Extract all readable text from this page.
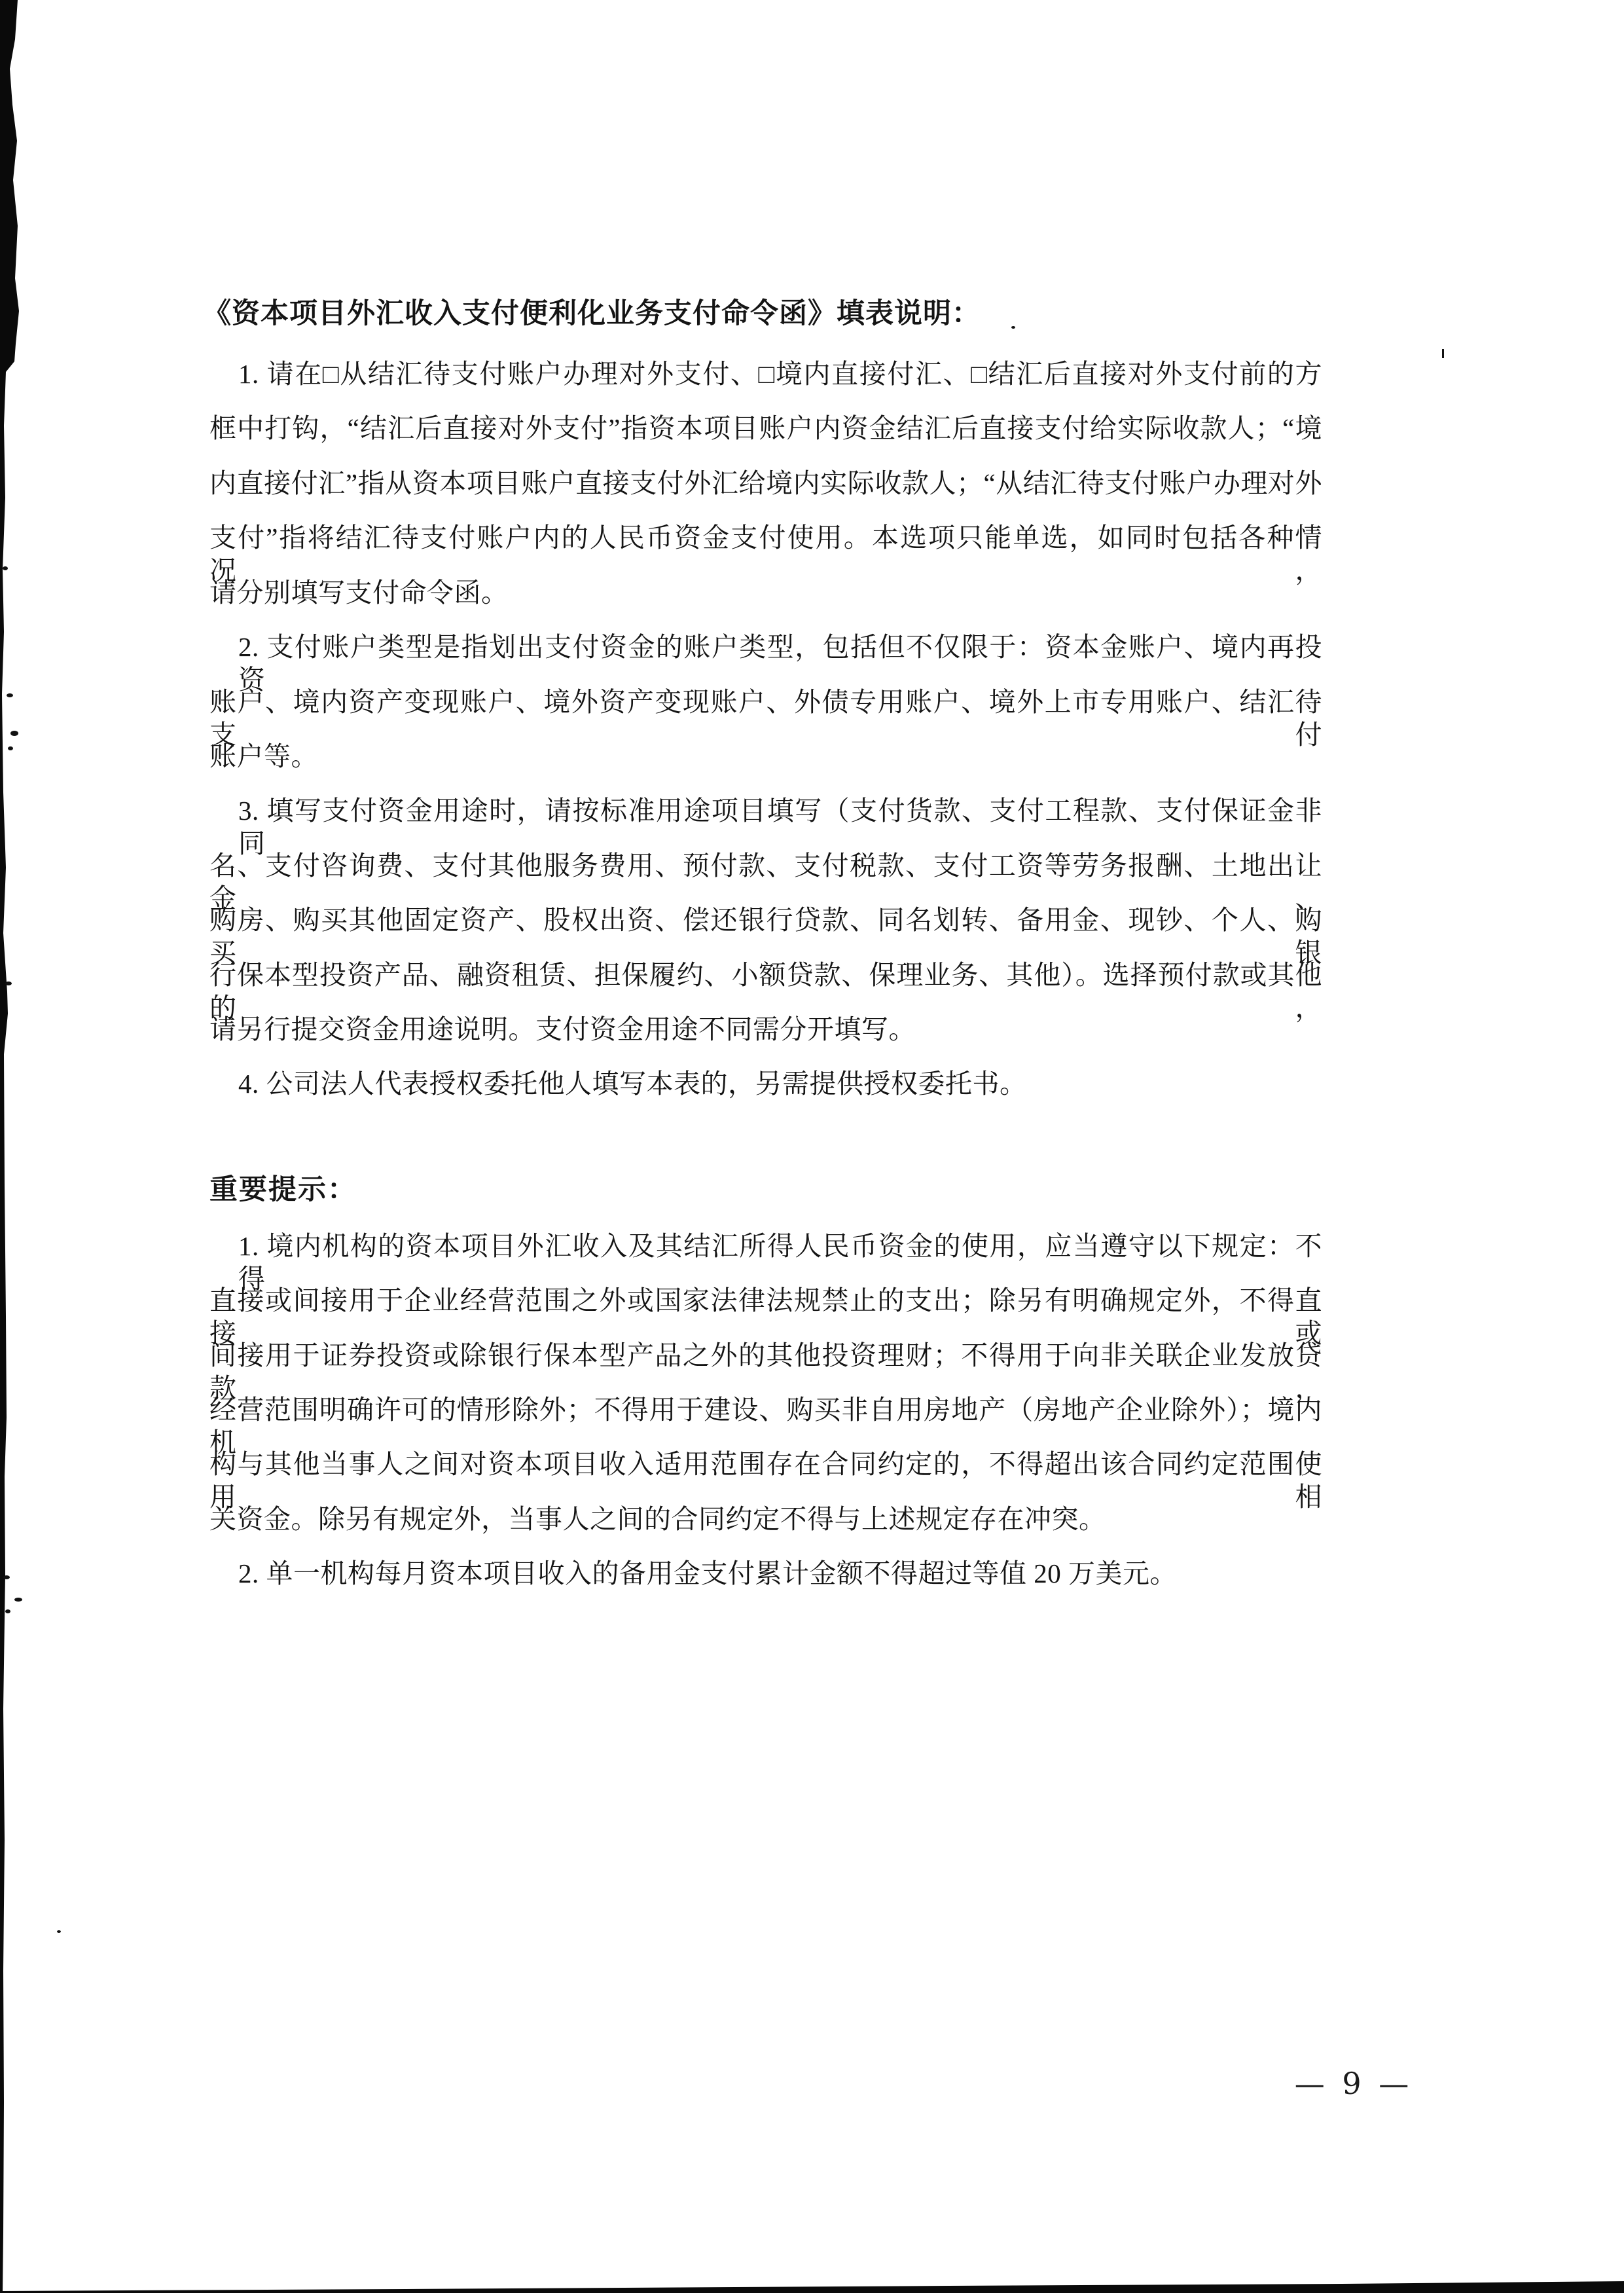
《资本项目外汇收入支付便利化业务支付命令函》填表说明：
1. 请在□从结汇待支付账户办理对外支付、□境内直接付汇、□结汇后直接对外支付前的方
框中打钩，“结汇后直接对外支付”指资本项目账户内资金结汇后直接支付给实际收款人；“境
内直接付汇”指从资本项目账户直接支付外汇给境内实际收款人；“从结汇待支付账户办理对外
支付”指将结汇待支付账户内的人民币资金支付使用。本选项只能单选，如同时包括各种情况，
请分别填写支付命令函。
2. 支付账户类型是指划出支付资金的账户类型，包括但不仅限于：资本金账户、境内再投资
账户、境内资产变现账户、境外资产变现账户、外债专用账户、境外上市专用账户、结汇待支付
账户等。
3. 填写支付资金用途时，请按标准用途项目填写（支付货款、支付工程款、支付保证金非同
名、支付咨询费、支付其他服务费用、预付款、支付税款、支付工资等劳务报酬、土地出让金、
购房、购买其他固定资产、股权出资、偿还银行贷款、同名划转、备用金、现钞、个人、购买银
行保本型投资产品、融资租赁、担保履约、小额贷款、保理业务、其他）。选择预付款或其他的，
请另行提交资金用途说明。支付资金用途不同需分开填写。
4. 公司法人代表授权委托他人填写本表的，另需提供授权委托书。
重要提示：
1. 境内机构的资本项目外汇收入及其结汇所得人民币资金的使用，应当遵守以下规定：不得
直接或间接用于企业经营范围之外或国家法律法规禁止的支出；除另有明确规定外，不得直接或
间接用于证券投资或除银行保本型产品之外的其他投资理财；不得用于向非关联企业发放贷款，
经营范围明确许可的情形除外；不得用于建设、购买非自用房地产（房地产企业除外）；境内机
构与其他当事人之间对资本项目收入适用范围存在合同约定的，不得超出该合同约定范围使用相
关资金。除另有规定外，当事人之间的合同约定不得与上述规定存在冲突。
2. 单一机构每月资本项目收入的备用金支付累计金额不得超过等值 20 万美元。
— 9 —
